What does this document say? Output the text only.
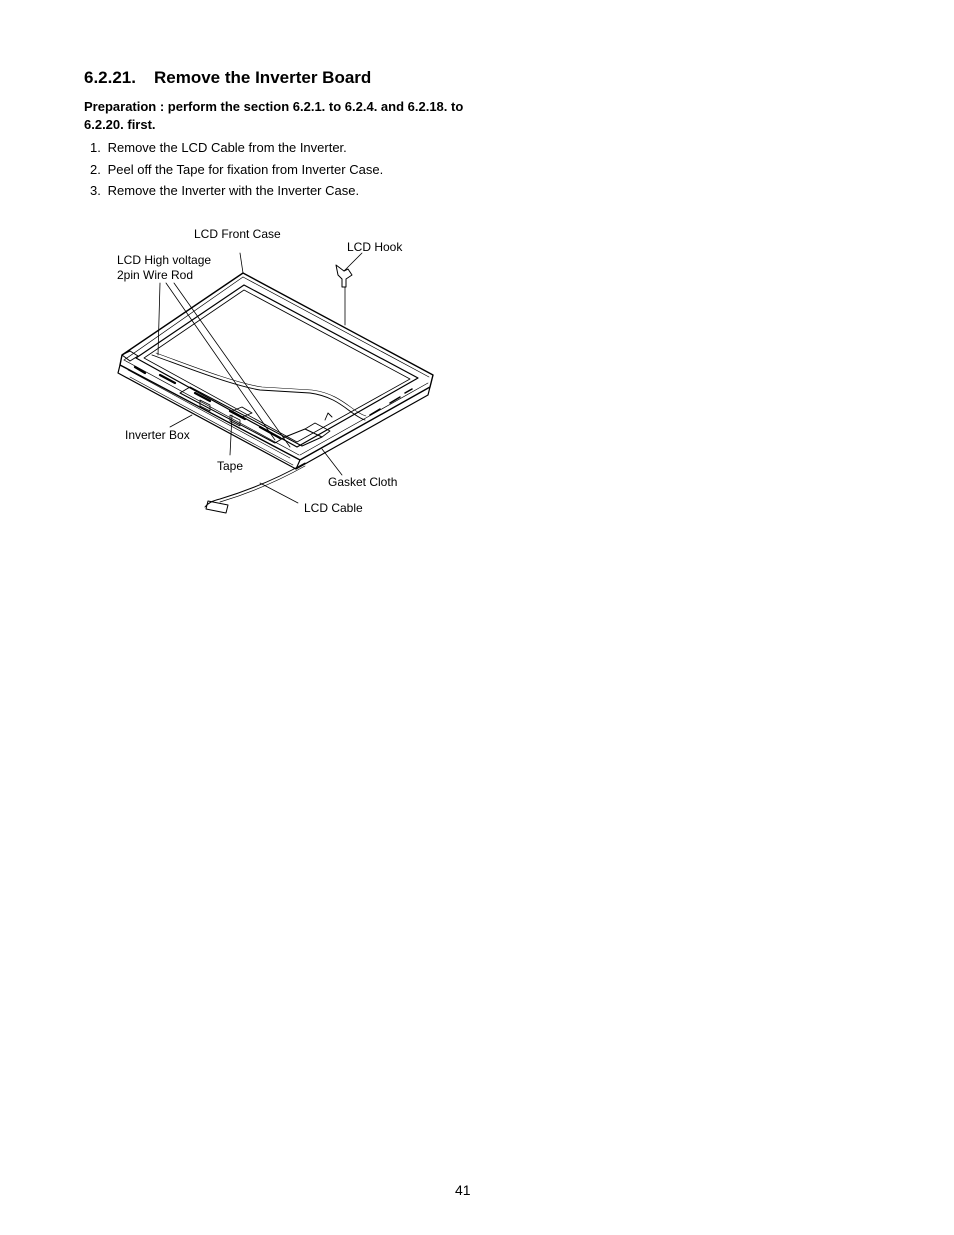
6.2.21. Remove the Inverter Board

Preparation : perform the section 6.2.1. to 6.2.4. and 6.2.18. to 6.2.20. first.

1. Remove the LCD Cable from the Inverter.
2. Peel off the Tape for fixation from Inverter Case.
3. Remove the Inverter with the Inverter Case.
LCD Front Case
LCD Hook
LCD High voltage
2pin Wire Rod
Inverter Box
Tape
Gasket Cloth
LCD Cable
41
